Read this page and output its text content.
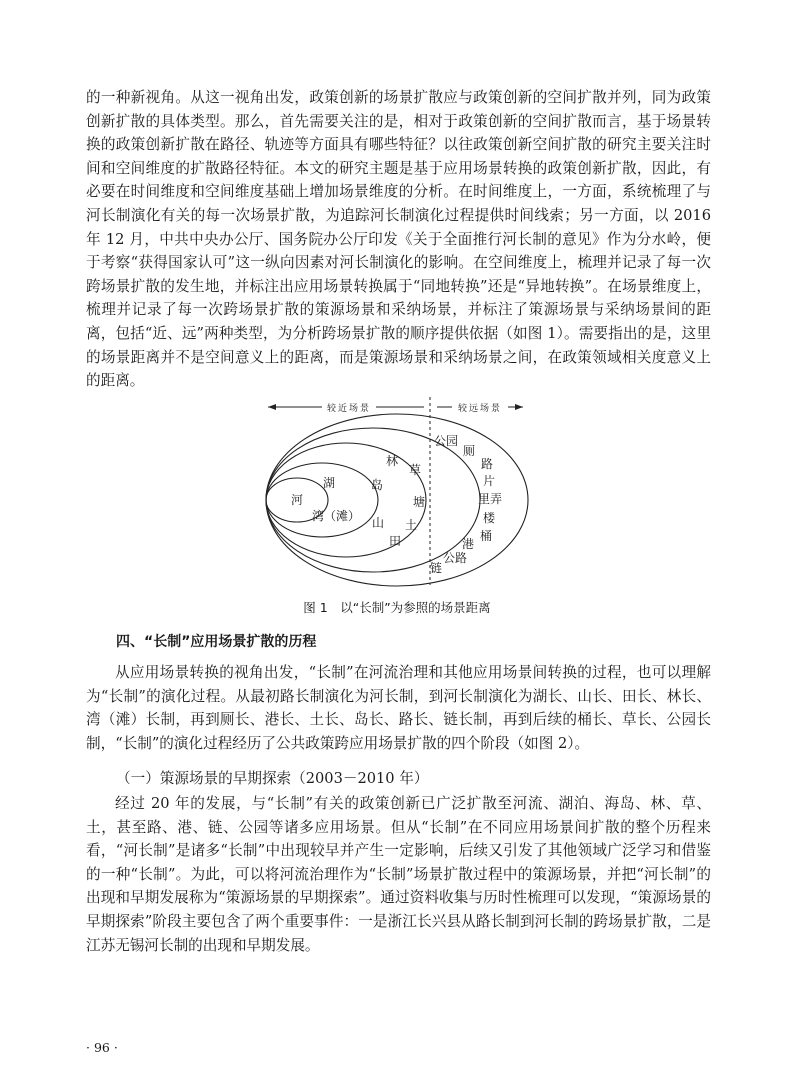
的一种新视角。从这一视角出发，政策创新的场景扩散应与政策创新的空间扩散并列，同为政策创新扩散的具体类型。那么，首先需要关注的是，相对于政策创新的空间扩散而言，基于场景转换的政策创新扩散在路径、轨迹等方面具有哪些特征？以往政策创新空间扩散的研究主要关注时间和空间维度的扩散路径特征。本文的研究主题是基于应用场景转换的政策创新扩散，因此，有必要在时间维度和空间维度基础上增加场景维度的分析。在时间维度上，一方面，系统梳理了与河长制演化有关的每一次场景扩散，为追踪河长制演化过程提供时间线索；另一方面，以 2016 年 12 月，中共中央办公厅、国务院办公厅印发《关于全面推行河长制的意见》作为分水岭，便于考察“获得国家认可”这一纵向因素对河长制演化的影响。在空间维度上，梳理并记录了每一次跨场景扩散的发生地，并标注出应用场景转换属于“同地转换”还是“异地转换”。在场景维度上，梳理并记录了每一次跨场景扩散的策源场景和采纳场景，并标注了策源场景与采纳场景间的距离，包括“近、远”两种类型，为分析跨场景扩散的顺序提供依据（如图 1）。需要指出的是，这里的场景距离并不是空间意义上的距离，而是策源场景和采纳场景之间，在政策领域相关度意义上的距离。

较近场景	较远场景
河
湖
湾（滩）
岛
山
林
草
塘
土
田
公园
厕
路
片
里弄
楼
桶
港
公路
链
图 1　以“长制”为参照的场景距离
四、“长制”应用场景扩散的历程

从应用场景转换的视角出发，“长制”在河流治理和其他应用场景间转换的过程，也可以理解为“长制”的演化过程。从最初路长制演化为河长制，到河长制演化为湖长、山长、田长、林长、湾（滩）长制，再到厕长、港长、土长、岛长、路长、链长制，再到后续的桶长、草长、公园长制，“长制”的演化过程经历了公共政策跨应用场景扩散的四个阶段（如图 2）。

（一）策源场景的早期探索（2003－2010 年）

经过 20 年的发展，与“长制”有关的政策创新已广泛扩散至河流、湖泊、海岛、林、草、土，甚至路、港、链、公园等诸多应用场景。但从“长制”在不同应用场景间扩散的整个历程来看，“河长制”是诸多“长制”中出现较早并产生一定影响，后续又引发了其他领域广泛学习和借鉴的一种“长制”。为此，可以将河流治理作为“长制”场景扩散过程中的策源场景，并把“河长制”的出现和早期发展称为“策源场景的早期探索”。通过资料收集与历时性梳理可以发现，“策源场景的早期探索”阶段主要包含了两个重要事件：一是浙江长兴县从路长制到河长制的跨场景扩散，二是江苏无锡河长制的出现和早期发展。

· 96 ·
